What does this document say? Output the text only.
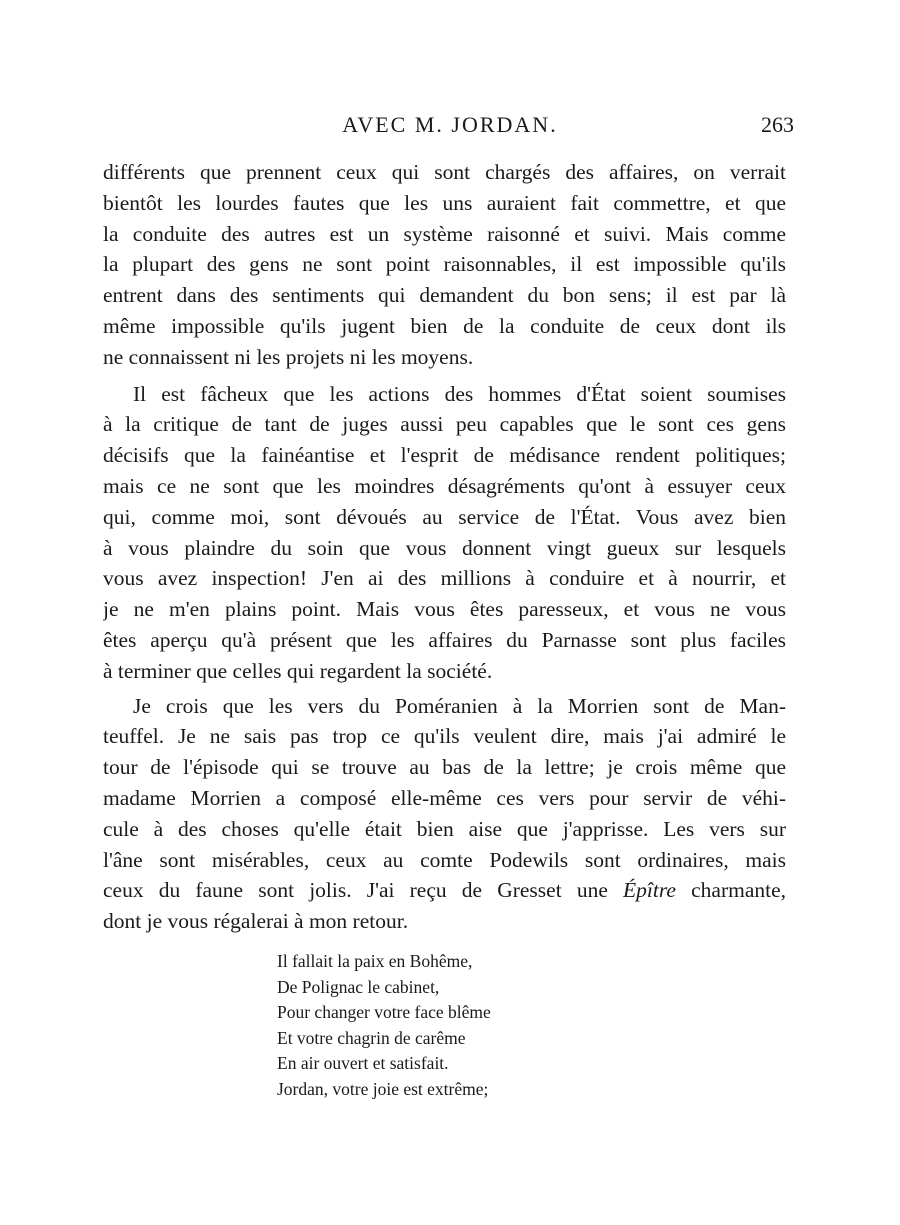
AVEC M. JORDAN.	263
différents que prennent ceux qui sont chargés des affaires, on verrait
bientôt les lourdes fautes que les uns auraient fait commettre, et que
la conduite des autres est un système raisonné et suivi. Mais comme
la plupart des gens ne sont point raisonnables, il est impossible qu'ils
entrent dans des sentiments qui demandent du bon sens; il est par là
même impossible qu'ils jugent bien de la conduite de ceux dont ils
ne connaissent ni les projets ni les moyens.
Il est fâcheux que les actions des hommes d'État soient soumises
à la critique de tant de juges aussi peu capables que le sont ces gens
décisifs que la fainéantise et l'esprit de médisance rendent politiques;
mais ce ne sont que les moindres désagréments qu'ont à essuyer ceux
qui, comme moi, sont dévoués au service de l'État. Vous avez bien
à vous plaindre du soin que vous donnent vingt gueux sur lesquels
vous avez inspection! J'en ai des millions à conduire et à nourrir, et
je ne m'en plains point. Mais vous êtes paresseux, et vous ne vous
êtes aperçu qu'à présent que les affaires du Parnasse sont plus faciles
à terminer que celles qui regardent la société.
Je crois que les vers du Poméranien à la Morrien sont de Man-
teuffel. Je ne sais pas trop ce qu'ils veulent dire, mais j'ai admiré le
tour de l'épisode qui se trouve au bas de la lettre; je crois même que
madame Morrien a composé elle-même ces vers pour servir de véhi-
cule à des choses qu'elle était bien aise que j'apprisse. Les vers sur
l'âne sont misérables, ceux au comte Podewils sont ordinaires, mais
ceux du faune sont jolis. J'ai reçu de Gresset une Épître charmante,
dont je vous régalerai à mon retour.
Il fallait la paix en Bohême,
De Polignac le cabinet,
Pour changer votre face blême
Et votre chagrin de carême
En air ouvert et satisfait.
Jordan, votre joie est extrême;
